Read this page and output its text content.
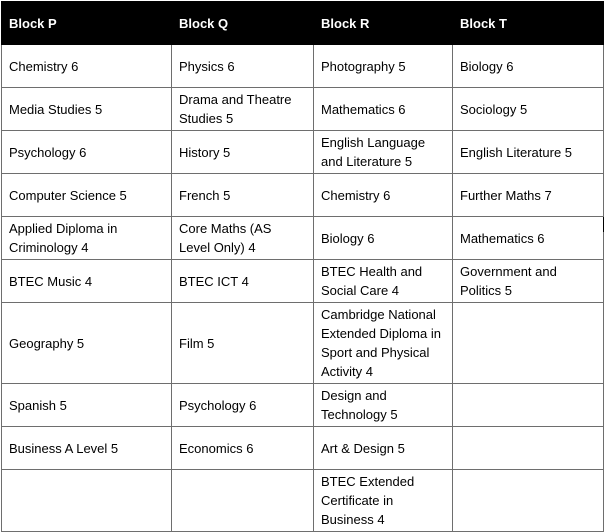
Block P	Block Q	Block R	Block T
Chemistry 6	Physics 6	Photography 5	Biology 6
Media Studies 5	Drama and Theatre Studies 5	Mathematics 6	Sociology 5
Psychology 6	History 5	English Language and Literature 5	English Literature 5
Computer Science 5	French 5	Chemistry 6	Further Maths 7
Applied Diploma in Criminology 4	Core Maths (AS Level Only) 4	Biology 6	Mathematics 6
BTEC Music 4	BTEC ICT 4	BTEC Health and Social Care 4	Government and Politics 5
Geography 5	Film 5	Cambridge National Extended Diploma in Sport and Physical Activity 4	
Spanish 5	Psychology 6	Design and Technology 5	
Business A Level 5	Economics 6	Art & Design 5	
		BTEC Extended Certificate in Business 4	
